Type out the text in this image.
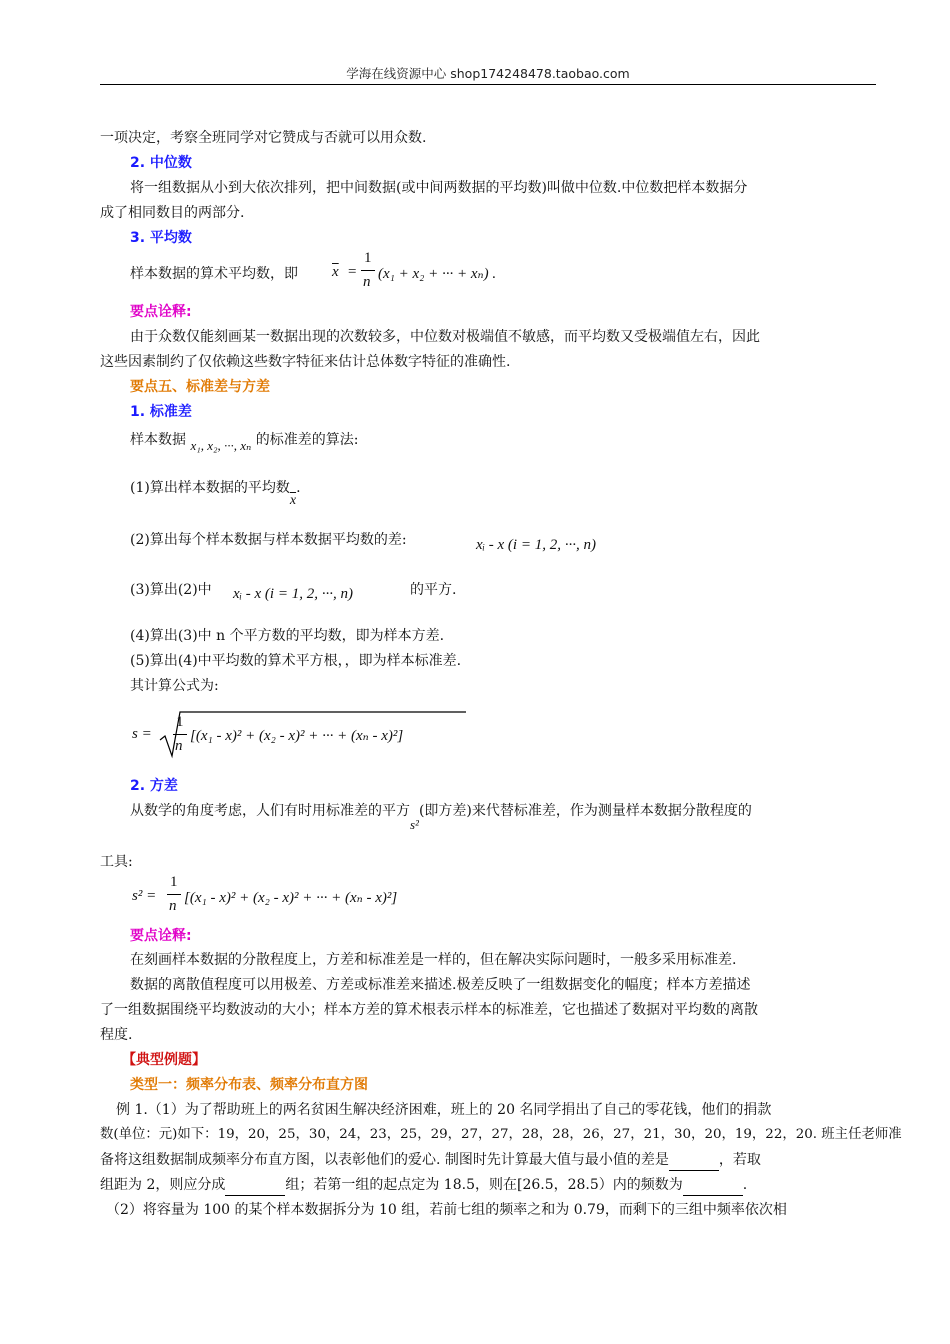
学海在线资源中心 shop174248478.taobao.com
一项决定，考察全班同学对它赞成与否就可以用众数.
2. 中位数
将一组数据从小到大依次排列，把中间数据(或中间两数据的平均数)叫做中位数.中位数把样本数据分
成了相同数目的两部分.
3. 平均数
样本数据的算术平均数，即	$\overline{x}$ =
1
n (x₁ + x₂ + ··· + xₙ) .
要点诠释:
由于众数仅能刻画某一数据出现的次数较多，中位数对极端值不敏感，而平均数又受极端值左右，因此
这些因素制约了仅依赖这些数字特征来估计总体数字特征的准确性.
要点五、标准差与方差
1. 标准差
样本数据 x₁, x₂, ···, xₙ 的标准差的算法:
(1)算出样本数据的平均数$\overline{x}$.
(2)算出每个样本数据与样本数据平均数的差:	xᵢ - x (i = 1, 2, ···, n)
(3)算出(2)中	xᵢ - x (i = 1, 2, ···, n)	的平方.
(4)算出(3)中 n 个平方数的平均数，即为样本方差.
(5)算出(4)中平均数的算术平方根，，即为样本标准差.
其计算公式为:
s =
1
n
[(x₁ - x)² + (x₂ - x)² + ··· + (xₙ - x)²]
2. 方差
从数学的角度考虑，人们有时用标准差的平方s²(即方差)来代替标准差，作为测量样本数据分散程度的
工具:
s² =
1
n [(x₁ - x)² + (x₂ - x)² + ··· + (xₙ - x)²]
要点诠释:
在刻画样本数据的分散程度上，方差和标准差是一样的，但在解决实际问题时，一般多采用标准差.
数据的离散值程度可以用极差、方差或标准差来描述.极差反映了一组数据变化的幅度；样本方差描述
了一组数据围绕平均数波动的大小；样本方差的算术根表示样本的标准差，它也描述了数据对平均数的离散
程度.
【典型例题】
类型一：频率分布表、频率分布直方图
例 1.（1）为了帮助班上的两名贫困生解决经济困难，班上的 20 名同学捐出了自己的零花钱，他们的捐款
数(单位：元)如下：19，20，25，30，24，23，25，29，27，27，28，28，26，27，21，30，20，19，22，20. 班主任老师准
备将这组数据制成频率分布直方图，以表彰他们的爱心. 制图时先计算最大值与最小值的差是	，若取
组距为 2，则应分成	组；若第一组的起点定为 18.5，则在[26.5，28.5）内的频数为	.
（2）将容量为 100 的某个样本数据拆分为 10 组，若前七组的频率之和为 0.79，而剩下的三组中频率依次相
